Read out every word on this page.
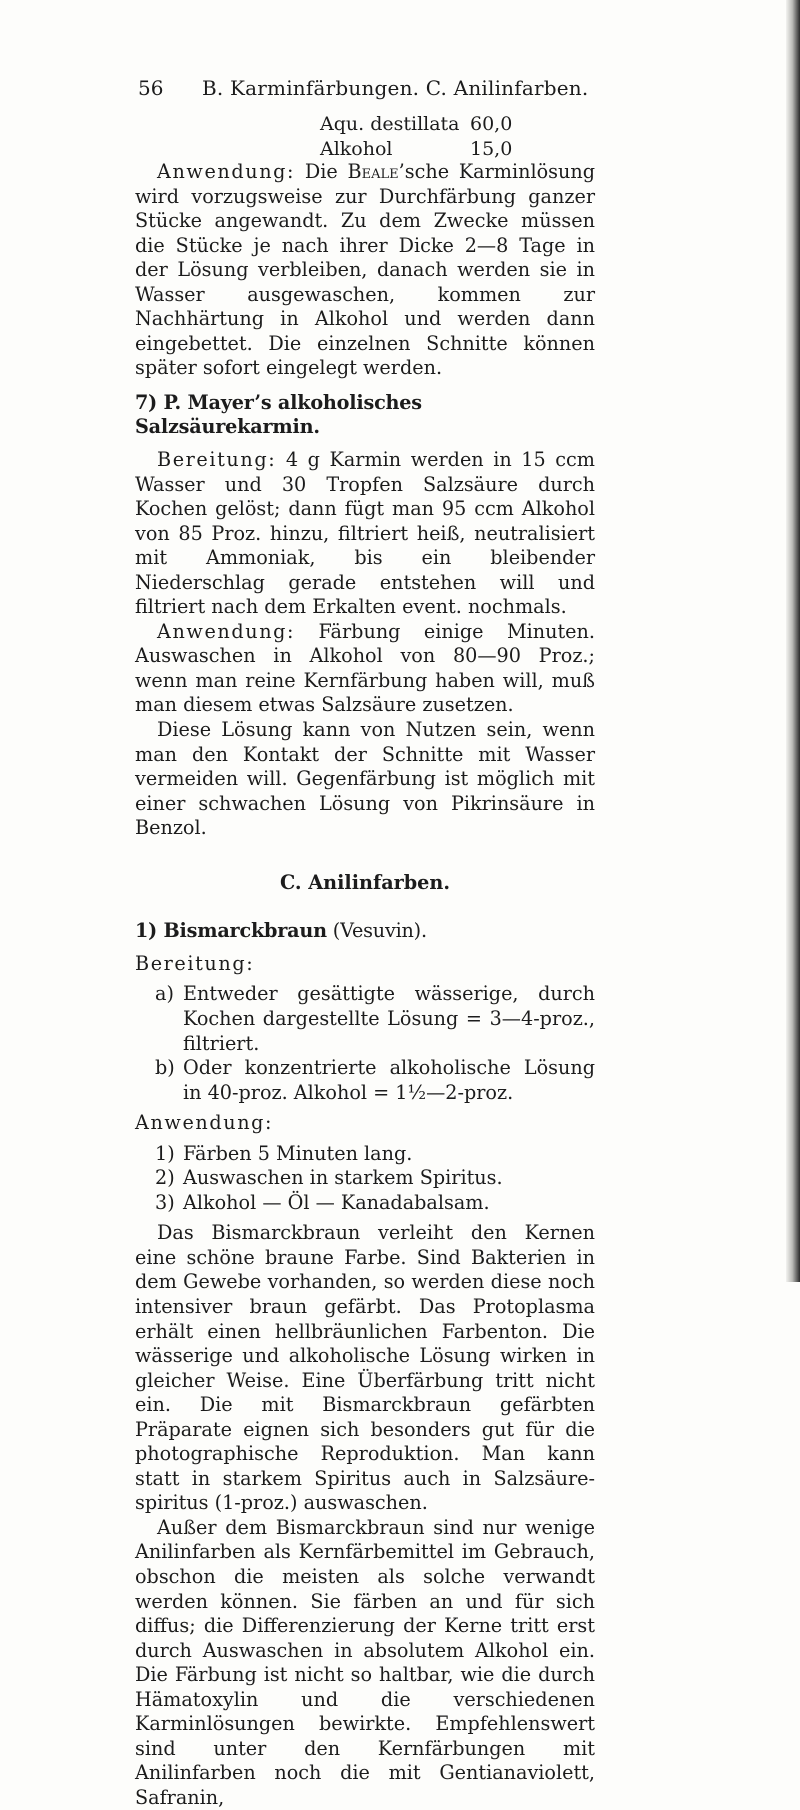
56 B. Karminfärbungen. C. Anilinfarben.
Aqu. destillata 60,0
Alkohol	15,0

Anwendung: Die Beale’sche Karminlösung wird vorzugsweise zur Durchfärbung ganzer Stücke angewandt. Zu dem Zwecke müssen die Stücke je nach ihrer Dicke 2—8 Tage in der Lösung verbleiben, danach werden sie in Wasser ausgewaschen, kommen zur Nachhärtung in Alkohol und werden dann eingebettet. Die einzelnen Schnitte können später sofort eingelegt werden.

7) P. Mayer’s alkoholisches Salzsäurekarmin.

Bereitung: 4 g Karmin werden in 15 ccm Wasser und 30 Tropfen Salzsäure durch Kochen gelöst; dann fügt man 95 ccm Alkohol von 85 Proz. hinzu, filtriert heiß, neutralisiert mit Ammoniak, bis ein bleibender Niederschlag gerade entstehen will und filtriert nach dem Erkalten event. nochmals.

Anwendung: Färbung einige Minuten. Auswaschen in Alkohol von 80—90 Proz.; wenn man reine Kernfärbung haben will, muß man diesem etwas Salzsäure zusetzen.

Diese Lösung kann von Nutzen sein, wenn man den Kontakt der Schnitte mit Wasser vermeiden will. Gegenfärbung ist möglich mit einer schwachen Lösung von Pikrinsäure in Benzol.

C. Anilinfarben.
1) Bismarckbraun (Vesuvin).
Bereitung:
a) Entweder gesättigte wässerige, durch Kochen dargestellte Lösung = 3—4-proz., filtriert.
b) Oder konzentrierte alkoholische Lösung in 40-proz. Alkohol = 1½—2-proz.
Anwendung:
1) Färben 5 Minuten lang.
2) Auswaschen in starkem Spiritus.
3) Alkohol — Öl — Kanadabalsam.

Das Bismarckbraun verleiht den Kernen eine schöne braune Farbe. Sind Bakterien in dem Gewebe vorhanden, so werden diese noch intensiver braun gefärbt. Das Protoplasma erhält einen hellbräunlichen Farbenton. Die wässerige und alkoholische Lösung wirken in gleicher Weise. Eine Überfärbung tritt nicht ein. Die mit Bismarckbraun gefärbten Präparate eignen sich besonders gut für die photographische Reproduktion. Man kann statt in starkem Spiritus auch in Salzsäure-spiritus (1-proz.) auswaschen.

Außer dem Bismarckbraun sind nur wenige Anilinfarben als Kernfärbemittel im Gebrauch, obschon die meisten als solche verwandt werden können. Sie färben an und für sich diffus; die Differenzierung der Kerne tritt erst durch Auswaschen in absolutem Alkohol ein. Die Färbung ist nicht so haltbar, wie die durch Hämatoxylin und die verschiedenen Karminlösungen bewirkte. Empfehlenswert sind unter den Kernfärbungen mit Anilinfarben noch die mit Gentianaviolett, Safranin,
